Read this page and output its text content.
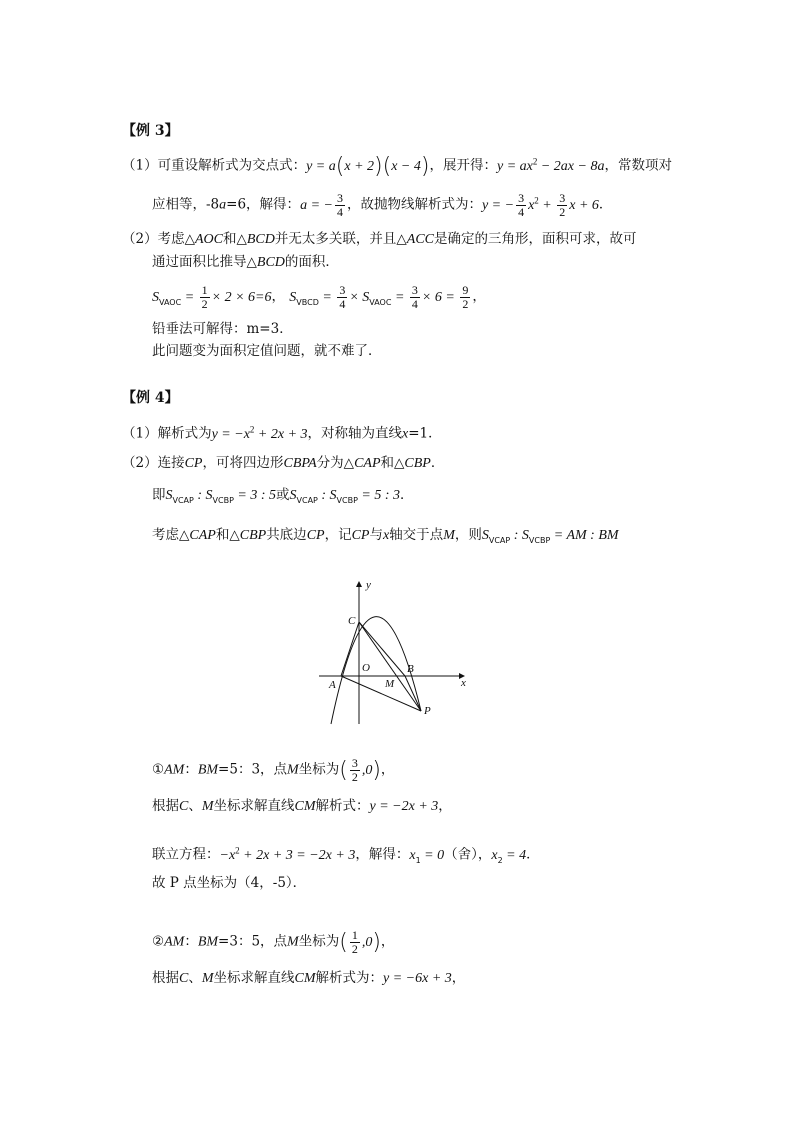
【例 3】
（1）可重设解析式为交点式：y = a(x + 2)(x − 4)，展开得：$y = ax^2 - 2ax - 8a$，常数项对
应相等，-8a=6，解得：a = − $\frac{3}{4}$ ，故抛物线解析式为：y = − $\frac{3}{4} x^2 + \frac{3}{2}$ x + 6．
（2）考虑△AOC和△BCD并无太多关联，并且△ACC是确定的三角形，面积可求，故可
通过面积比推导△BCD的面积．
$S_{VAOC} = \frac{1}{2} \times 2 \times 6=6$， $S_{VBCD} = \frac{3}{4} \times S_{VAOC} = \frac{3}{4} \times 6 = \frac{9}{2}$ ，
铅垂法可解得：m=3．
此问题变为面积定值问题，就不难了．
【例 4】
（1）解析式为$y = -x^2 + 2x + 3$，对称轴为直线x=1．
（2）连接CP，可将四边形CBPA分为△CAP和△CBP．
即$S_{VCAP}$ : $S_{VCBP} = 3$ : 5或$S_{VCAP}$ : $S_{VCBP} = 5$ : 3．
考虑△CAP和△CBP共底边CP，记CP与x轴交于点M，则$S_{VCAP}$ : $S_{VCBP}$ = AM : BM
y
x
C
O
A
B
M
P
①AM：BM=5：3，点M坐标为( $\frac{3}{2} ,0$)，
根据C、M坐标求解直线CM解析式：y = −2x + 3，
联立方程：$-x^2 + 2x + 3 = -2x + 3$，解得：$x_1 = 0$（舍），$x_2 = 4$．
故 P 点坐标为（4，-5）．
②AM：BM=3：5，点M坐标为( $\frac{1}{2} ,0$)，
根据C、M坐标求解直线CM解析式为：y = −6x + 3，
